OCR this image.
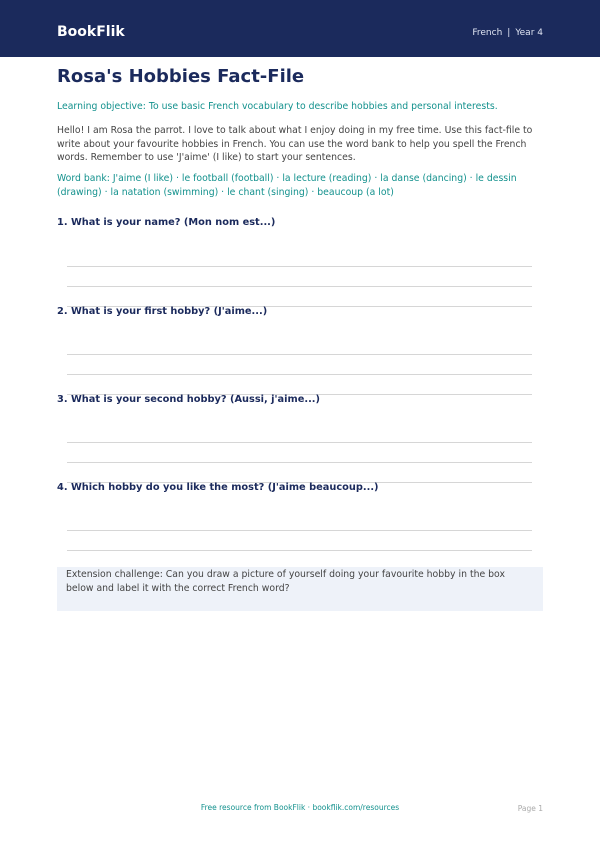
BookFlik	French | Year 4
Rosa's Hobbies Fact-File

Learning objective: To use basic French vocabulary to describe hobbies and personal interests.

Hello! I am Rosa the parrot. I love to talk about what I enjoy doing in my free time. Use this fact-file to write about your favourite hobbies in French. You can use the word bank to help you spell the French words. Remember to use 'J'aime' (I like) to start your sentences.

Word bank: J'aime (I like) · le football (football) · la lecture (reading) · la danse (dancing) · le dessin (drawing) · la natation (swimming) · le chant (singing) · beaucoup (a lot)

1. What is your name? (Mon nom est...)
2. What is your first hobby? (J'aime...)
3. What is your second hobby? (Aussi, j'aime...)
4. Which hobby do you like the most? (J'aime beaucoup...)
Extension challenge: Can you draw a picture of yourself doing your favourite hobby in the box below and label it with the correct French word?
Free resource from BookFlik · bookflik.com/resources	Page 1
